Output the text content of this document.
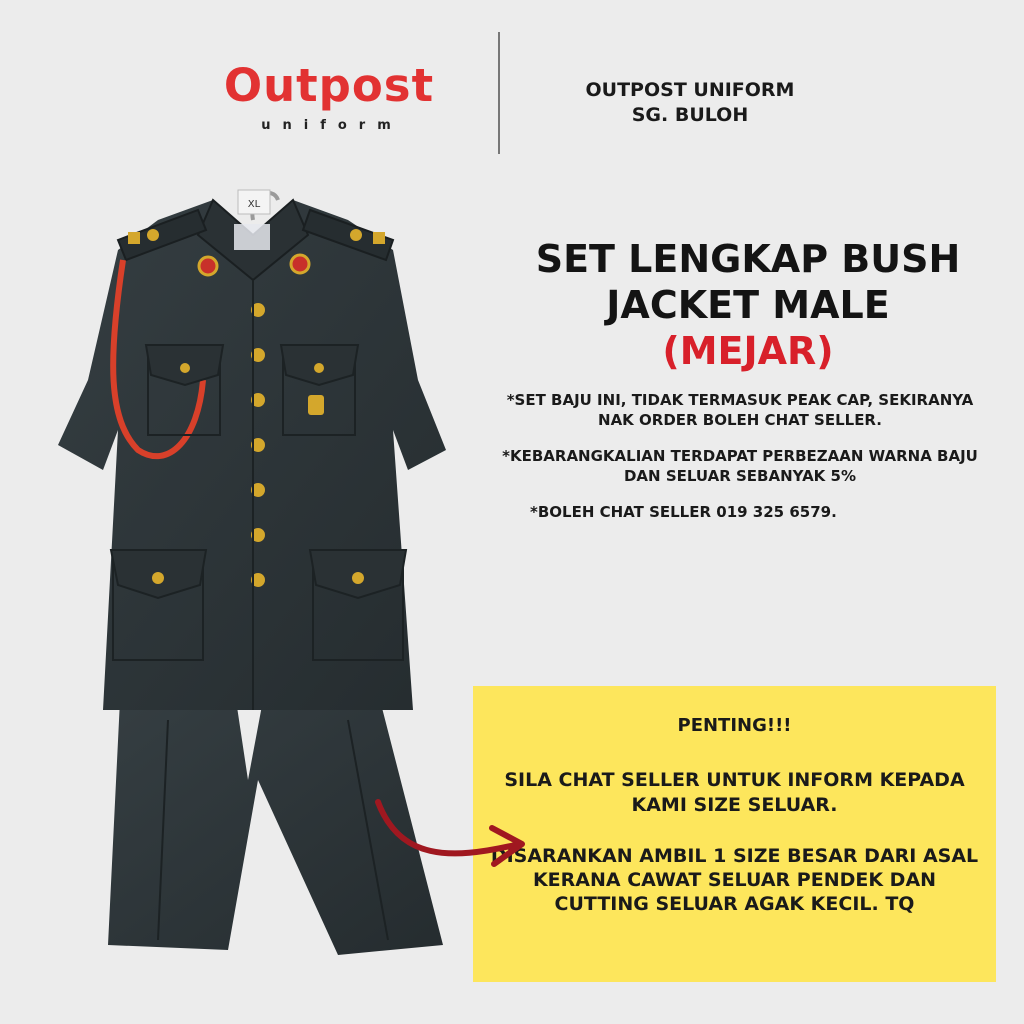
Outpost
uniform
OUTPOST UNIFORM
SG. BULOH
SET LENGKAP BUSH
JACKET MALE
(MEJAR)

*SET BAJU INI, TIDAK TERMASUK PEAK CAP, SEKIRANYA NAK ORDER BOLEH CHAT SELLER.

*KEBARANGKALIAN TERDAPAT PERBEZAAN WARNA BAJU DAN SELUAR SEBANYAK 5%

*BOLEH CHAT SELLER 019 325 6579.

XL
PENTING!!!
SILA CHAT SELLER UNTUK INFORM KEPADA KAMI SIZE SELUAR.
DISARANKAN AMBIL 1 SIZE BESAR DARI ASAL KERANA CAWAT SELUAR PENDEK DAN CUTTING SELUAR AGAK KECIL. TQ
